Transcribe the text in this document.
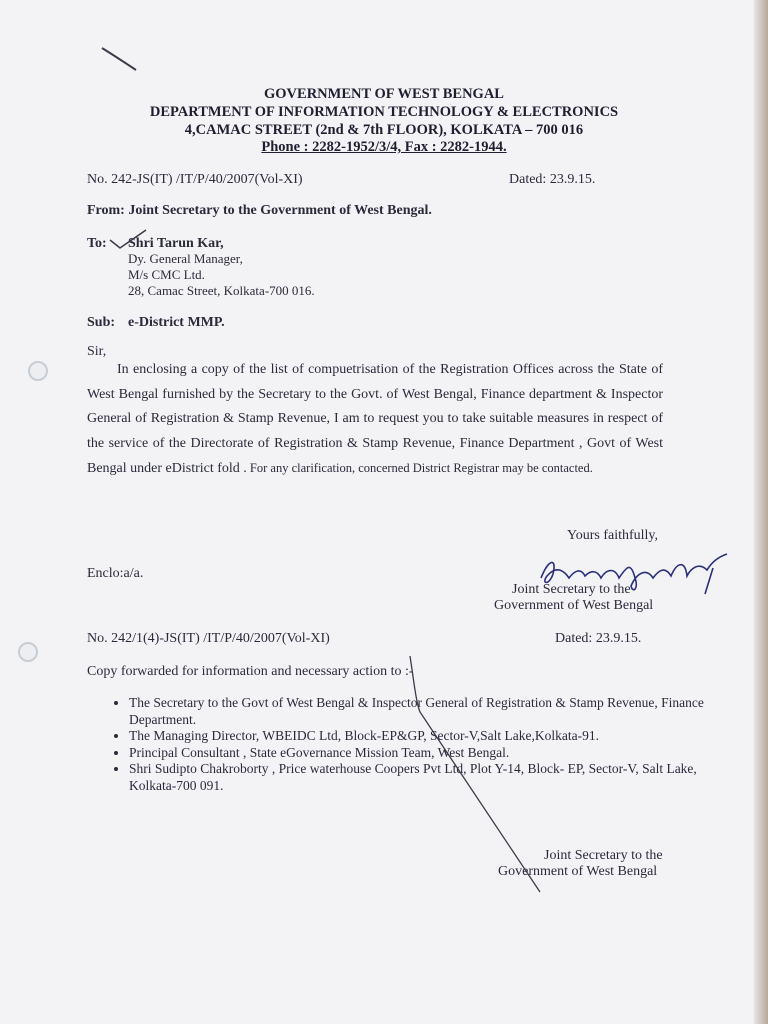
GOVERNMENT OF WEST BENGAL
DEPARTMENT OF INFORMATION TECHNOLOGY & ELECTRONICS
4,CAMAC STREET (2nd & 7th FLOOR), KOLKATA – 700 016
Phone : 2282-1952/3/4, Fax : 2282-1944.
No. 242-JS(IT) /IT/P/40/2007(Vol-XI)	Dated: 23.9.15.
From: Joint Secretary to the Government of West Bengal.
To: Shri Tarun Kar,
Dy. General Manager,
M/s CMC Ltd.
28, Camac Street, Kolkata-700 016.
Sub: e-District MMP.
Sir,
In enclosing a copy of the list of compuetrisation of the Registration Offices across the State of West Bengal furnished by the Secretary to the Govt. of West Bengal, Finance department & Inspector General of Registration & Stamp Revenue, I am to request you to take suitable measures in respect of the service of the Directorate of Registration & Stamp Revenue, Finance Department , Govt of West Bengal under eDistrict fold . For any clarification, concerned District Registrar may be contacted.
Yours faithfully,
Enclo:a/a.
Joint Secretary to the
Government of West Bengal
No. 242/1(4)-JS(IT) /IT/P/40/2007(Vol-XI)	Dated: 23.9.15.
Copy forwarded for information and necessary action to :-
• The Secretary to the Govt of West Bengal & Inspector General of Registration & Stamp Revenue, Finance Department.
• The Managing Director, WBEIDC Ltd, Block-EP&GP, Sector-V,Salt Lake,Kolkata-91.
• Principal Consultant , State eGovernance Mission Team, West Bengal.
• Shri Sudipto Chakroborty , Price waterhouse Coopers Pvt Ltd, Plot Y-14, Block- EP, Sector-V, Salt Lake, Kolkata-700 091.
Joint Secretary to the
Government of West Bengal
